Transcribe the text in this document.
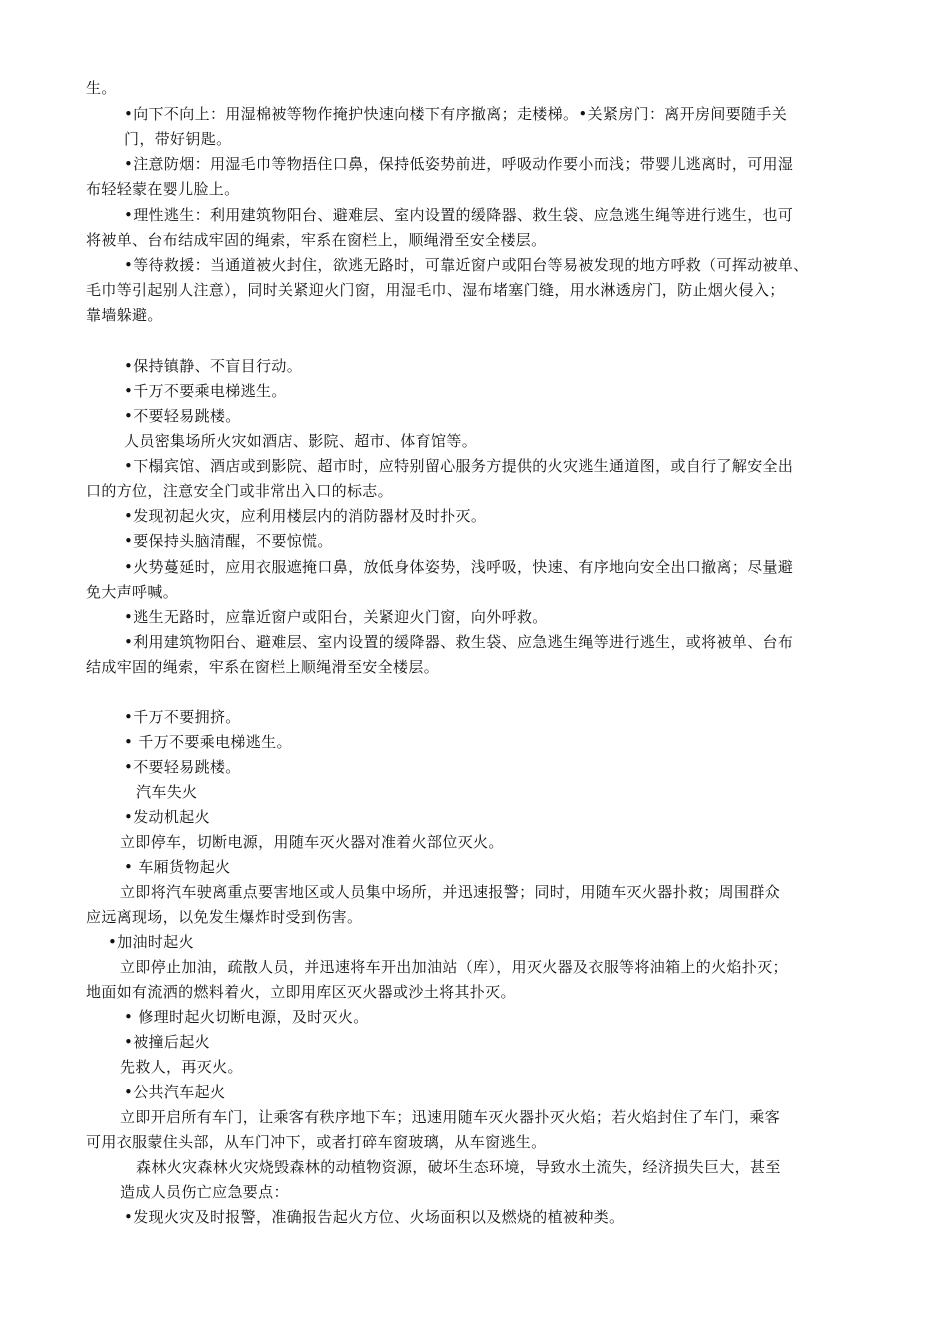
生。

•向下不向上：用湿棉被等物作掩护快速向楼下有序撤离；走楼梯。•关紧房门：离开房间要随手关

门，带好钥匙。

•注意防烟：用湿毛巾等物捂住口鼻，保持低姿势前进，呼吸动作要小而浅；带婴儿逃离时，可用湿

布轻轻蒙在婴儿脸上。

•理性逃生：利用建筑物阳台、避难层、室内设置的缓降器、救生袋、应急逃生绳等进行逃生，也可

将被单、台布结成牢固的绳索，牢系在窗栏上，顺绳滑至安全楼层。

•等待救援：当通道被火封住，欲逃无路时，可靠近窗户或阳台等易被发现的地方呼救（可挥动被单、

毛巾等引起别人注意），同时关紧迎火门窗，用湿毛巾、湿布堵塞门缝，用水淋透房门，防止烟火侵入；

靠墙躲避。

•保持镇静、不盲目行动。

•千万不要乘电梯逃生。

•不要轻易跳楼。

人员密集场所火灾如酒店、影院、超市、体育馆等。

•下榻宾馆、酒店或到影院、超市时，应特别留心服务方提供的火灾逃生通道图，或自行了解安全出

口的方位，注意安全门或非常出入口的标志。

•发现初起火灾，应利用楼层内的消防器材及时扑灭。

•要保持头脑清醒，不要惊慌。

•火势蔓延时，应用衣服遮掩口鼻，放低身体姿势，浅呼吸，快速、有序地向安全出口撤离；尽量避

免大声呼喊。

•逃生无路时，应靠近窗户或阳台，关紧迎火门窗，向外呼救。

•利用建筑物阳台、避难层、室内设置的缓降器、救生袋、应急逃生绳等进行逃生，或将被单、台布

结成牢固的绳索，牢系在窗栏上顺绳滑至安全楼层。

•千万不要拥挤。

• 千万不要乘电梯逃生。

•不要轻易跳楼。

汽车失火

•发动机起火

立即停车，切断电源，用随车灭火器对准着火部位灭火。

• 车厢货物起火

立即将汽车驶离重点要害地区或人员集中场所，并迅速报警；同时，用随车灭火器扑救；周围群众

应远离现场，以免发生爆炸时受到伤害。

•加油时起火

立即停止加油，疏散人员，并迅速将车开出加油站（库），用灭火器及衣服等将油箱上的火焰扑灭；

地面如有流洒的燃料着火，立即用库区灭火器或沙土将其扑灭。

• 修理时起火切断电源，及时灭火。

•被撞后起火

先救人，再灭火。

•公共汽车起火

立即开启所有车门，让乘客有秩序地下车；迅速用随车灭火器扑灭火焰；若火焰封住了车门，乘客

可用衣服蒙住头部，从车门冲下，或者打碎车窗玻璃，从车窗逃生。

森林火灾森林火灾烧毁森林的动植物资源，破坏生态环境，导致水土流失，经济损失巨大，甚至

造成人员伤亡应急要点：

•发现火灾及时报警，准确报告起火方位、火场面积以及燃烧的植被种类。
